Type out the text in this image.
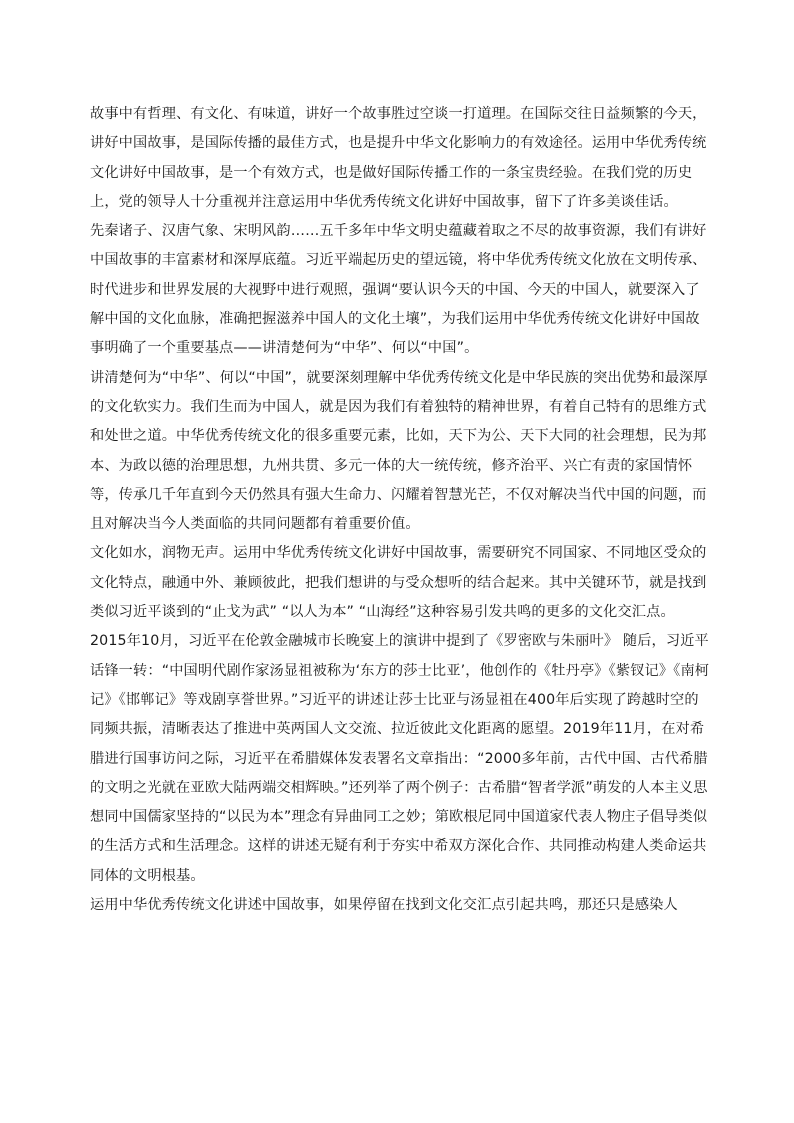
故事中有哲理、有文化、有味道，讲好一个故事胜过空谈一打道理。在国际交往日益频繁的今天，讲好中国故事，是国际传播的最佳方式，也是提升中华文化影响力的有效途径。运用中华优秀传统文化讲好中国故事，是一个有效方式，也是做好国际传播工作的一条宝贵经验。在我们党的历史上，党的领导人十分重视并注意运用中华优秀传统文化讲好中国故事，留下了许多美谈佳话。

先秦诸子、汉唐气象、宋明风韵……五千多年中华文明史蕴藏着取之不尽的故事资源，我们有讲好中国故事的丰富素材和深厚底蕴。习近平端起历史的望远镜，将中华优秀传统文化放在文明传承、时代进步和世界发展的大视野中进行观照，强调“要认识今天的中国、今天的中国人，就要深入了解中国的文化血脉，准确把握滋养中国人的文化土壤”，为我们运用中华优秀传统文化讲好中国故事明确了一个重要基点——讲清楚何为“中华”、何以“中国”。

讲清楚何为“中华”、何以“中国”，就要深刻理解中华优秀传统文化是中华民族的突出优势和最深厚的文化软实力。我们生而为中国人，就是因为我们有着独特的精神世界，有着自己特有的思维方式和处世之道。中华优秀传统文化的很多重要元素，比如，天下为公、天下大同的社会理想，民为邦本、为政以德的治理思想，九州共贯、多元一体的大一统传统，修齐治平、兴亡有责的家国情怀等，传承几千年直到今天仍然具有强大生命力、闪耀着智慧光芒，不仅对解决当代中国的问题，而且对解决当今人类面临的共同问题都有着重要价值。

文化如水，润物无声。运用中华优秀传统文化讲好中国故事，需要研究不同国家、不同地区受众的文化特点，融通中外、兼顾彼此，把我们想讲的与受众想听的结合起来。其中关键环节，就是找到类似习近平谈到的“止戈为武” “以人为本” “山海经”这种容易引发共鸣的更多的文化交汇点。

2015年10月，习近平在伦敦金融城市长晚宴上的演讲中提到了《罗密欧与朱丽叶》 随后，习近平话锋一转：“中国明代剧作家汤显祖被称为‘东方的莎士比亚’，他创作的《牡丹亭》《紫钗记》《南柯记》《邯郸记》等戏剧享誉世界。”习近平的讲述让莎士比亚与汤显祖在400年后实现了跨越时空的同频共振，清晰表达了推进中英两国人文交流、拉近彼此文化距离的愿望。2019年11月，在对希腊进行国事访问之际，习近平在希腊媒体发表署名文章指出：“2000多年前，古代中国、古代希腊的文明之光就在亚欧大陆两端交相辉映。”还列举了两个例子：古希腊“智者学派”萌发的人本主义思想同中国儒家坚持的“以民为本”理念有异曲同工之妙；第欧根尼同中国道家代表人物庄子倡导类似的生活方式和生活理念。这样的讲述无疑有利于夯实中希双方深化合作、共同推动构建人类命运共同体的文明根基。

运用中华优秀传统文化讲述中国故事，如果停留在找到文化交汇点引起共鸣，那还只是感染人
